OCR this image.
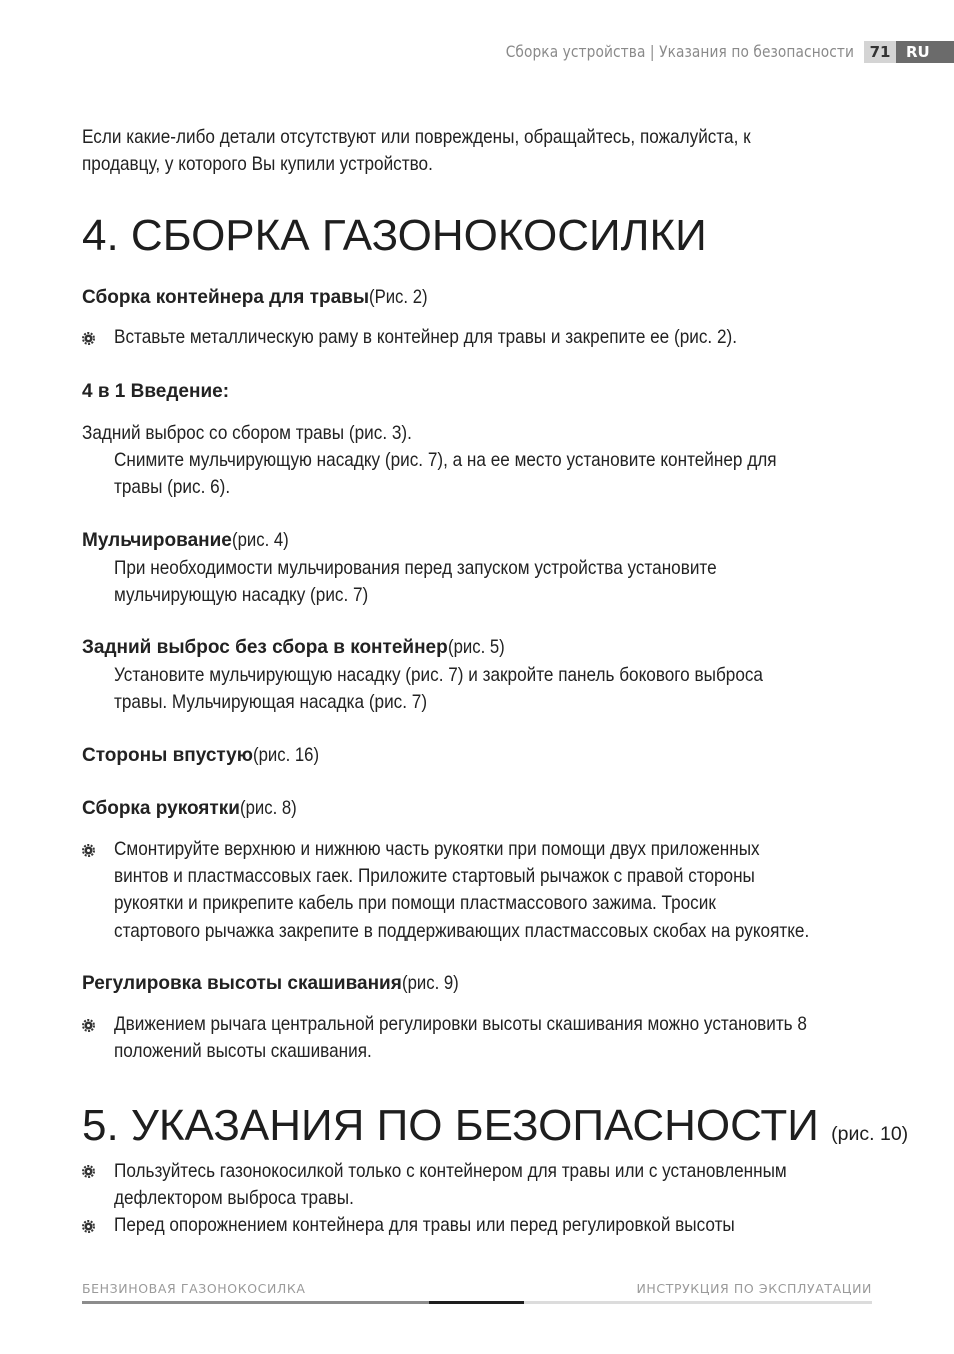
Сборка устройства | Указания по безопасности	71	RU
Если какие-либо детали отсутствуют или повреждены, обращайтесь, пожалуйста, к
продавцу, у которого Вы купили устройство.
4. СБОРКА ГАЗОНОКОСИЛКИ
Сборка контейнера для травы(Рис. 2)
Вставьте металлическую раму в контейнер для травы и закрепите ее (рис. 2).
4 в 1 Введение:
Задний выброс со сбором травы (рис. 3).
Снимите мульчирующую насадку (рис. 7), а на ее место установите контейнер для
травы (рис. 6).
Мульчирование(рис. 4)
При необходимости мульчирования перед запуском устройства установите
мульчирующую насадку (рис. 7)
Задний выброс без сбора в контейнер(рис. 5)
Установите мульчирующую насадку (рис. 7) и закройте панель бокового выброса
травы. Мульчирующая насадка (рис. 7)
Стороны впустую(рис. 16)
Сборка рукоятки(рис. 8)
Смонтируйте верхнюю и нижнюю часть рукоятки при помощи двух приложенных
винтов и пластмассовых гаек. Приложите стартовый рычажок с правой стороны
рукоятки и прикрепите кабель при помощи пластмассового зажима. Тросик
стартового рычажка закрепите в поддерживающих пластмассовых скобах на рукоятке.
Регулировка высоты скашивания(рис. 9)
Движением рычага центральной регулировки высоты скашивания можно установить 8
положений высоты скашивания.
5. УКАЗАНИЯ ПО БЕЗОПАСНОСТИ (рис. 10)
Пользуйтесь газонокосилкой только с контейнером для травы или с установленным
дефлектором выброса травы.
Перед опорожнением контейнера для травы или перед регулировкой высоты
БЕНЗИНОВАЯ ГАЗОНОКОСИЛКА	ИНСТРУКЦИЯ ПО ЭКСПЛУАТАЦИИ
